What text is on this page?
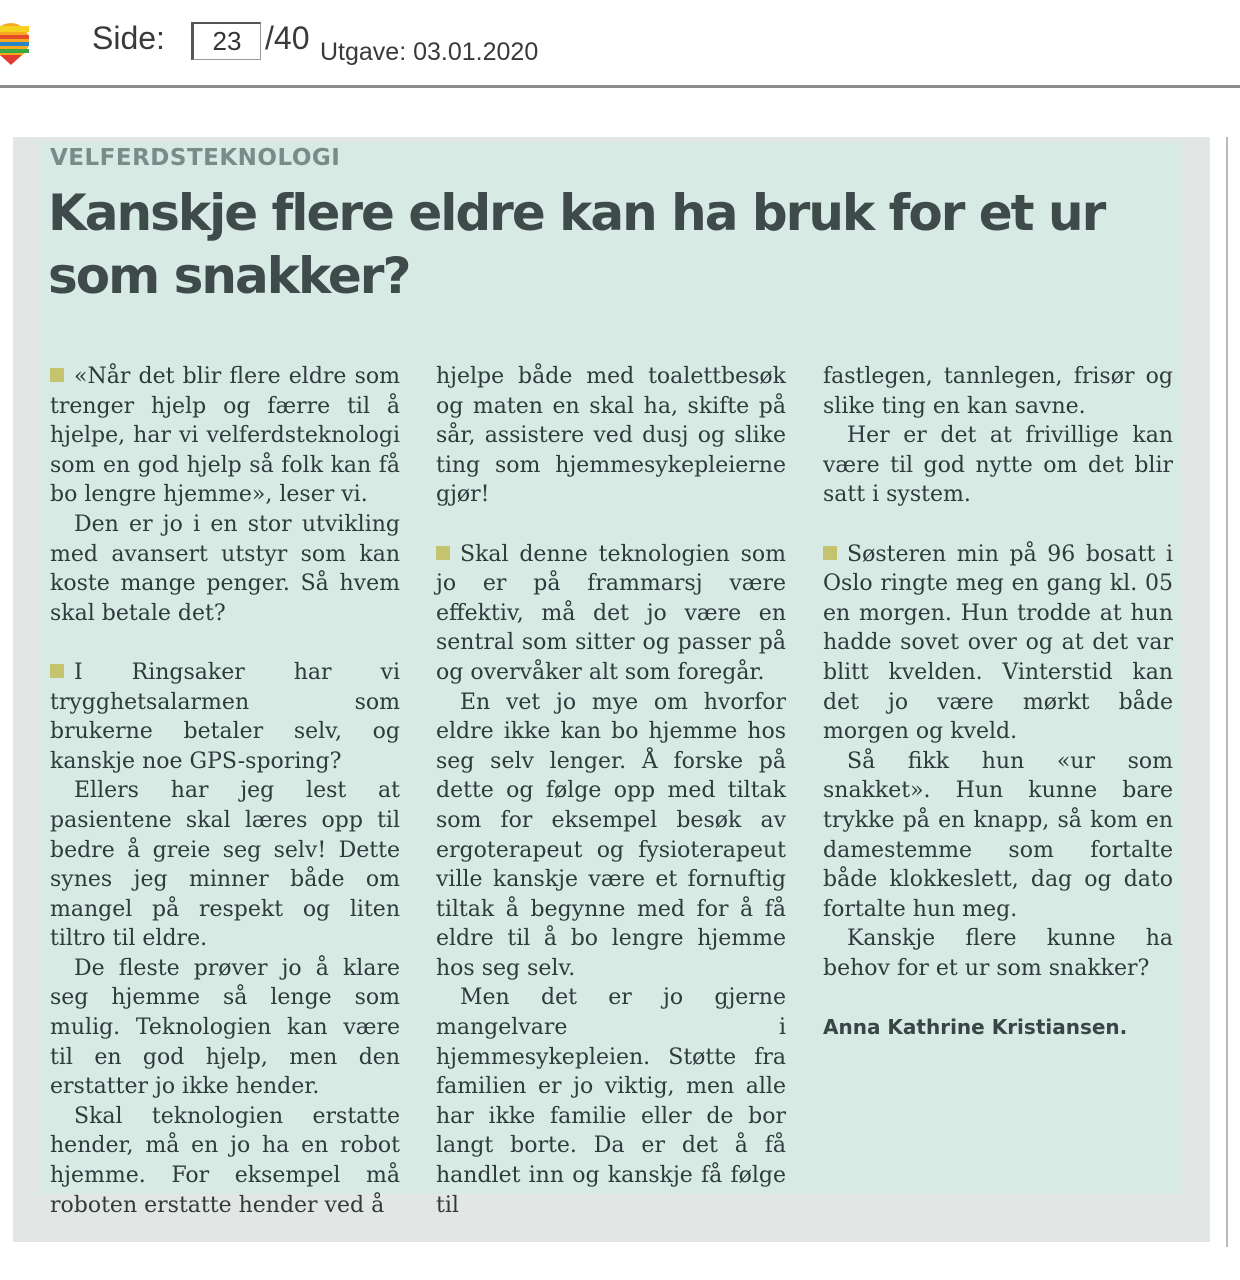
Side:
23	/40 Utgave: 03.01.2020
VELFERDSTEKNOLOGI
Kanskje flere eldre kan ha bruk for et ur som snakker?

«Når det blir flere eldre som trenger hjelp og færre til å hjelpe, har vi velferdsteknologi som en god hjelp så folk kan få bo lengre hjemme», leser vi.

Den er jo i en stor utvikling med avansert utstyr som kan koste mange penger. Så hvem skal betale det?

I Ringsaker har vi trygghetsalarmen som brukerne betaler selv, og kanskje noe GPS-sporing?

Ellers har jeg lest at pasientene skal læres opp til bedre å greie seg selv! Dette synes jeg minner både om mangel på respekt og liten tiltro til eldre.

De fleste prøver jo å klare seg hjemme så lenge som mulig. Teknologien kan være til en god hjelp, men den erstatter jo ikke hender.

Skal teknologien erstatte hender, må en jo ha en robot hjemme. For eksempel må roboten erstatte hender ved å

hjelpe både med toalettbesøk og maten en skal ha, skifte på sår, assistere ved dusj og slike ting som hjemmesykepleierne gjør!

Skal denne teknologien som jo er på frammarsj være effektiv, må det jo være en sentral som sitter og passer på og overvåker alt som foregår.

En vet jo mye om hvorfor eldre ikke kan bo hjemme hos seg selv lenger. Å forske på dette og følge opp med tiltak som for eksempel besøk av ergoterapeut og fysioterapeut ville kanskje være et fornuftig tiltak å begynne med for å få eldre til å bo lengre hjemme hos seg selv.

Men det er jo gjerne mangelvare i hjemmesykepleien. Støtte fra familien er jo viktig, men alle har ikke familie eller de bor langt borte. Da er det å få handlet inn og kanskje få følge til

fastlegen, tannlegen, frisør og slike ting en kan savne.

Her er det at frivillige kan være til god nytte om det blir satt i system.

Søsteren min på 96 bosatt i Oslo ringte meg en gang kl. 05 en morgen. Hun trodde at hun hadde sovet over og at det var blitt kvelden. Vinterstid kan det jo være mørkt både morgen og kveld.

Så fikk hun «ur som snakket». Hun kunne bare trykke på en knapp, så kom en damestemme som fortalte både klokkeslett, dag og dato fortalte hun meg.

Kanskje flere kunne ha behov for et ur som snakker?

Anna Kathrine Kristiansen.
